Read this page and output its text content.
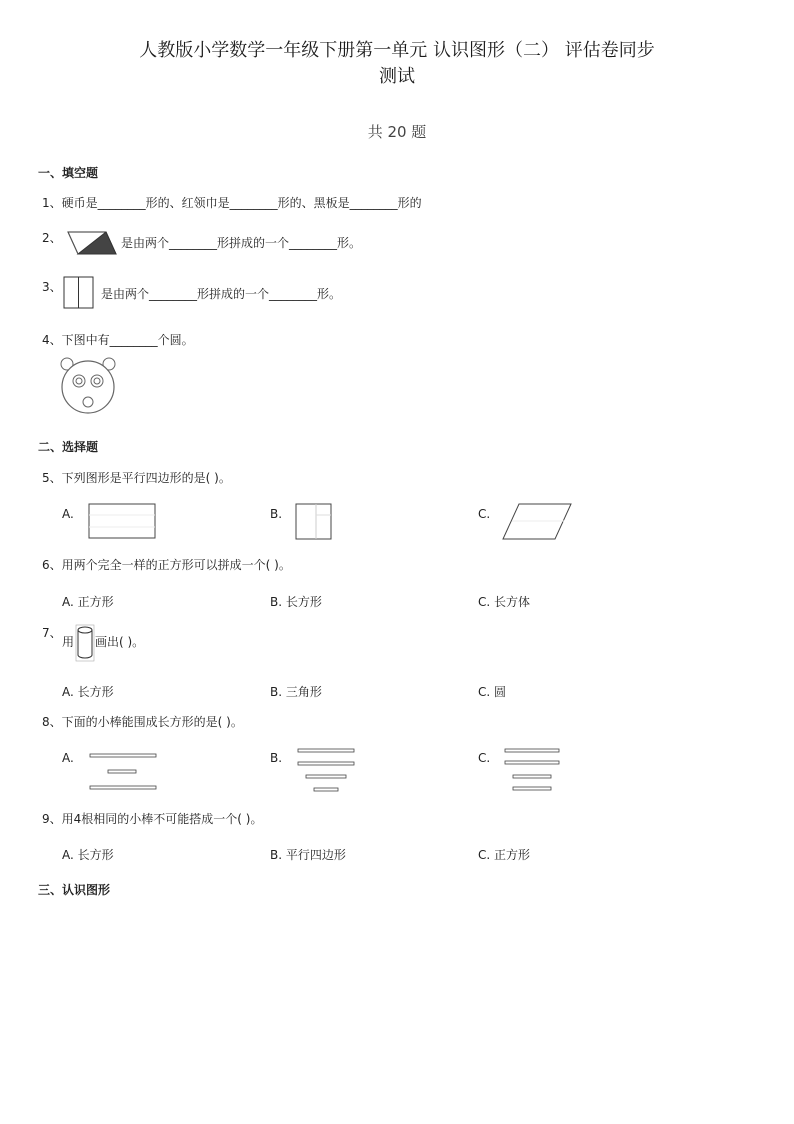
人教版小学数学一年级下册第一单元 认识图形（二） 评估卷同步
测试
共 20 题
一、填空题
1、硬币是________形的、红领巾是________形的、黑板是________形的
2、	是由两个________形拼成的一个________形。
3、	是由两个________形拼成的一个________形。
4、下图中有________个圆。
二、选择题
5、下列图形是平行四边形的是( )。
A.	B.	C.
6、用两个完全一样的正方形可以拼成一个( )。
A. 正方形	B. 长方形	C. 长方体
7、
用 画出( )。
A. 长方形	B. 三角形	C. 圆
8、下面的小棒能围成长方形的是( )。
A.	B.	C.
9、用4根相同的小棒不可能搭成一个( )。
A. 长方形	B. 平行四边形	C. 正方形
三、认识图形
